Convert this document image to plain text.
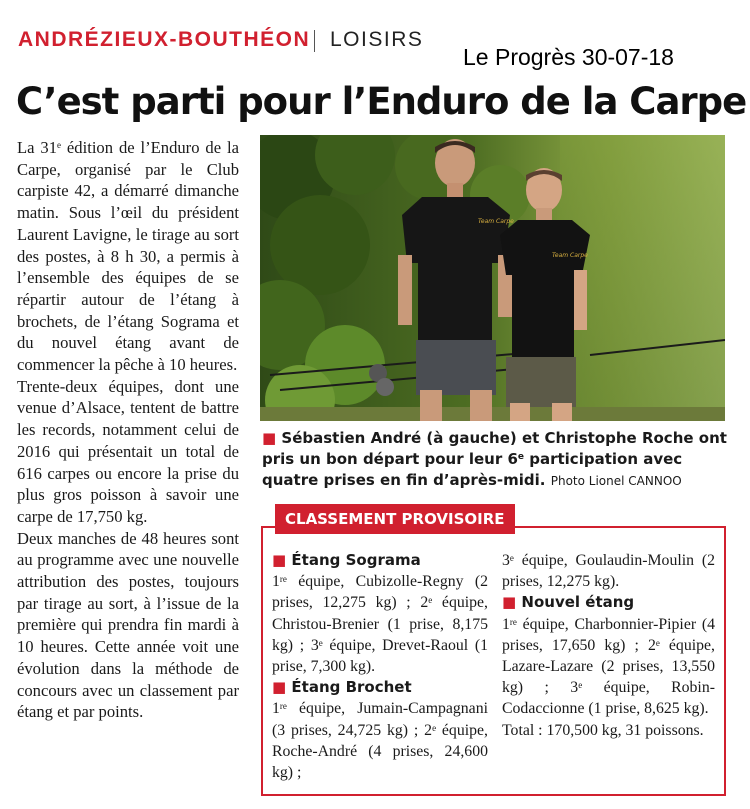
ANDRÉZIEUX-BOUTHÉON LOISIRS
Le Progrès 30-07-18
C’est parti pour l’Enduro de la Carpe

La 31e édition de l’Enduro de la Carpe, organisé par le Club carpiste 42, a démarré dimanche matin. Sous l’œil du président Laurent Lavigne, le tirage au sort des postes, à 8 h 30, a permis à l’ensemble des équipes de se répartir autour de l’étang à brochets, de l’étang Sograma et du nouvel étang avant de commencer la pêche à 10 heures.

Trente-deux équipes, dont une venue d’Alsace, tentent de battre les records, notamment celui de 2016 qui présentait un total de 616 carpes ou encore la prise du plus gros poisson à savoir une carpe de 17,750 kg.

Deux manches de 48 heures sont au programme avec une nouvelle attribution des postes, toujours par tirage au sort, à l’issue de la première qui prendra fin mardi à 10 heures. Cette année voit une évolution dans la méthode de concours avec un classement par étang et par points.

Team Carpe
Team Carpe
■ Sébastien André (à gauche) et Christophe Roche ont pris un bon départ pour leur 6e participation avec quatre prises en fin d’après-midi. Photo Lionel CANNOO
CLASSEMENT PROVISOIRE
■ Étang Sograma

1re équipe, Cubizolle-Regny (2 prises, 12,275 kg) ; 2e équipe, Christou-Brenier (1 prise, 8,175 kg) ; 3e équipe, Drevet-Raoul (1 prise, 7,300 kg).

■ Étang Brochet

1re équipe, Jumain-Campagnani (3 prises, 24,725 kg) ; 2e équipe, Roche-André (4 prises, 24,600 kg) ;

3e équipe, Goulaudin-Moulin (2 prises, 12,275 kg).

■ Nouvel étang

1re équipe, Charbonnier-Pipier (4 prises, 17,650 kg) ; 2e équipe, Lazare-Lazare (2 prises, 13,550 kg) ; 3e équipe, Robin-Codaccionne (1 prise, 8,625 kg).

Total : 170,500 kg, 31 poissons.
